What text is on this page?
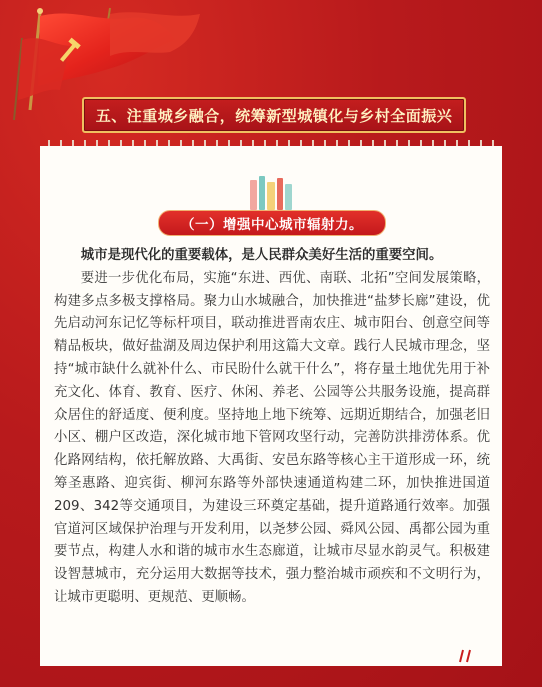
五、注重城乡融合，统筹新型城镇化与乡村全面振兴
（一）增强中心城市辐射力。

城市是现代化的重要载体，是人民群众美好生活的重要空间。

要进一步优化布局，实施“东进、西优、南联、北拓”空间发展策略，构建多点多极支撑格局。聚力山水城融合，加快推进“盐梦长廊”建设，优先启动河东记忆等标杆项目，联动推进晋南农庄、城市阳台、创意空间等精品板块，做好盐湖及周边保护利用这篇大文章。践行人民城市理念，坚持“城市缺什么就补什么、市民盼什么就干什么”，将存量土地优先用于补充文化、体育、教育、医疗、休闲、养老、公园等公共服务设施，提高群众居住的舒适度、便利度。坚持地上地下统筹、远期近期结合，加强老旧小区、棚户区改造，深化城市地下管网攻坚行动，完善防洪排涝体系。优化路网结构，依托解放路、大禹街、安邑东路等核心主干道形成一环，统筹圣惠路、迎宾街、柳河东路等外部快速通道构建二环，加快推进国道209、342等交通项目，为建设三环奠定基础，提升道路通行效率。加强官道河区域保护治理与开发利用，以尧梦公园、舜风公园、禹都公园为重要节点，构建人水和谐的城市水生态廊道，让城市尽显水韵灵气。积极建设智慧城市，充分运用大数据等技术，强力整治城市顽疾和不文明行为，让城市更聪明、更规范、更顺畅。
